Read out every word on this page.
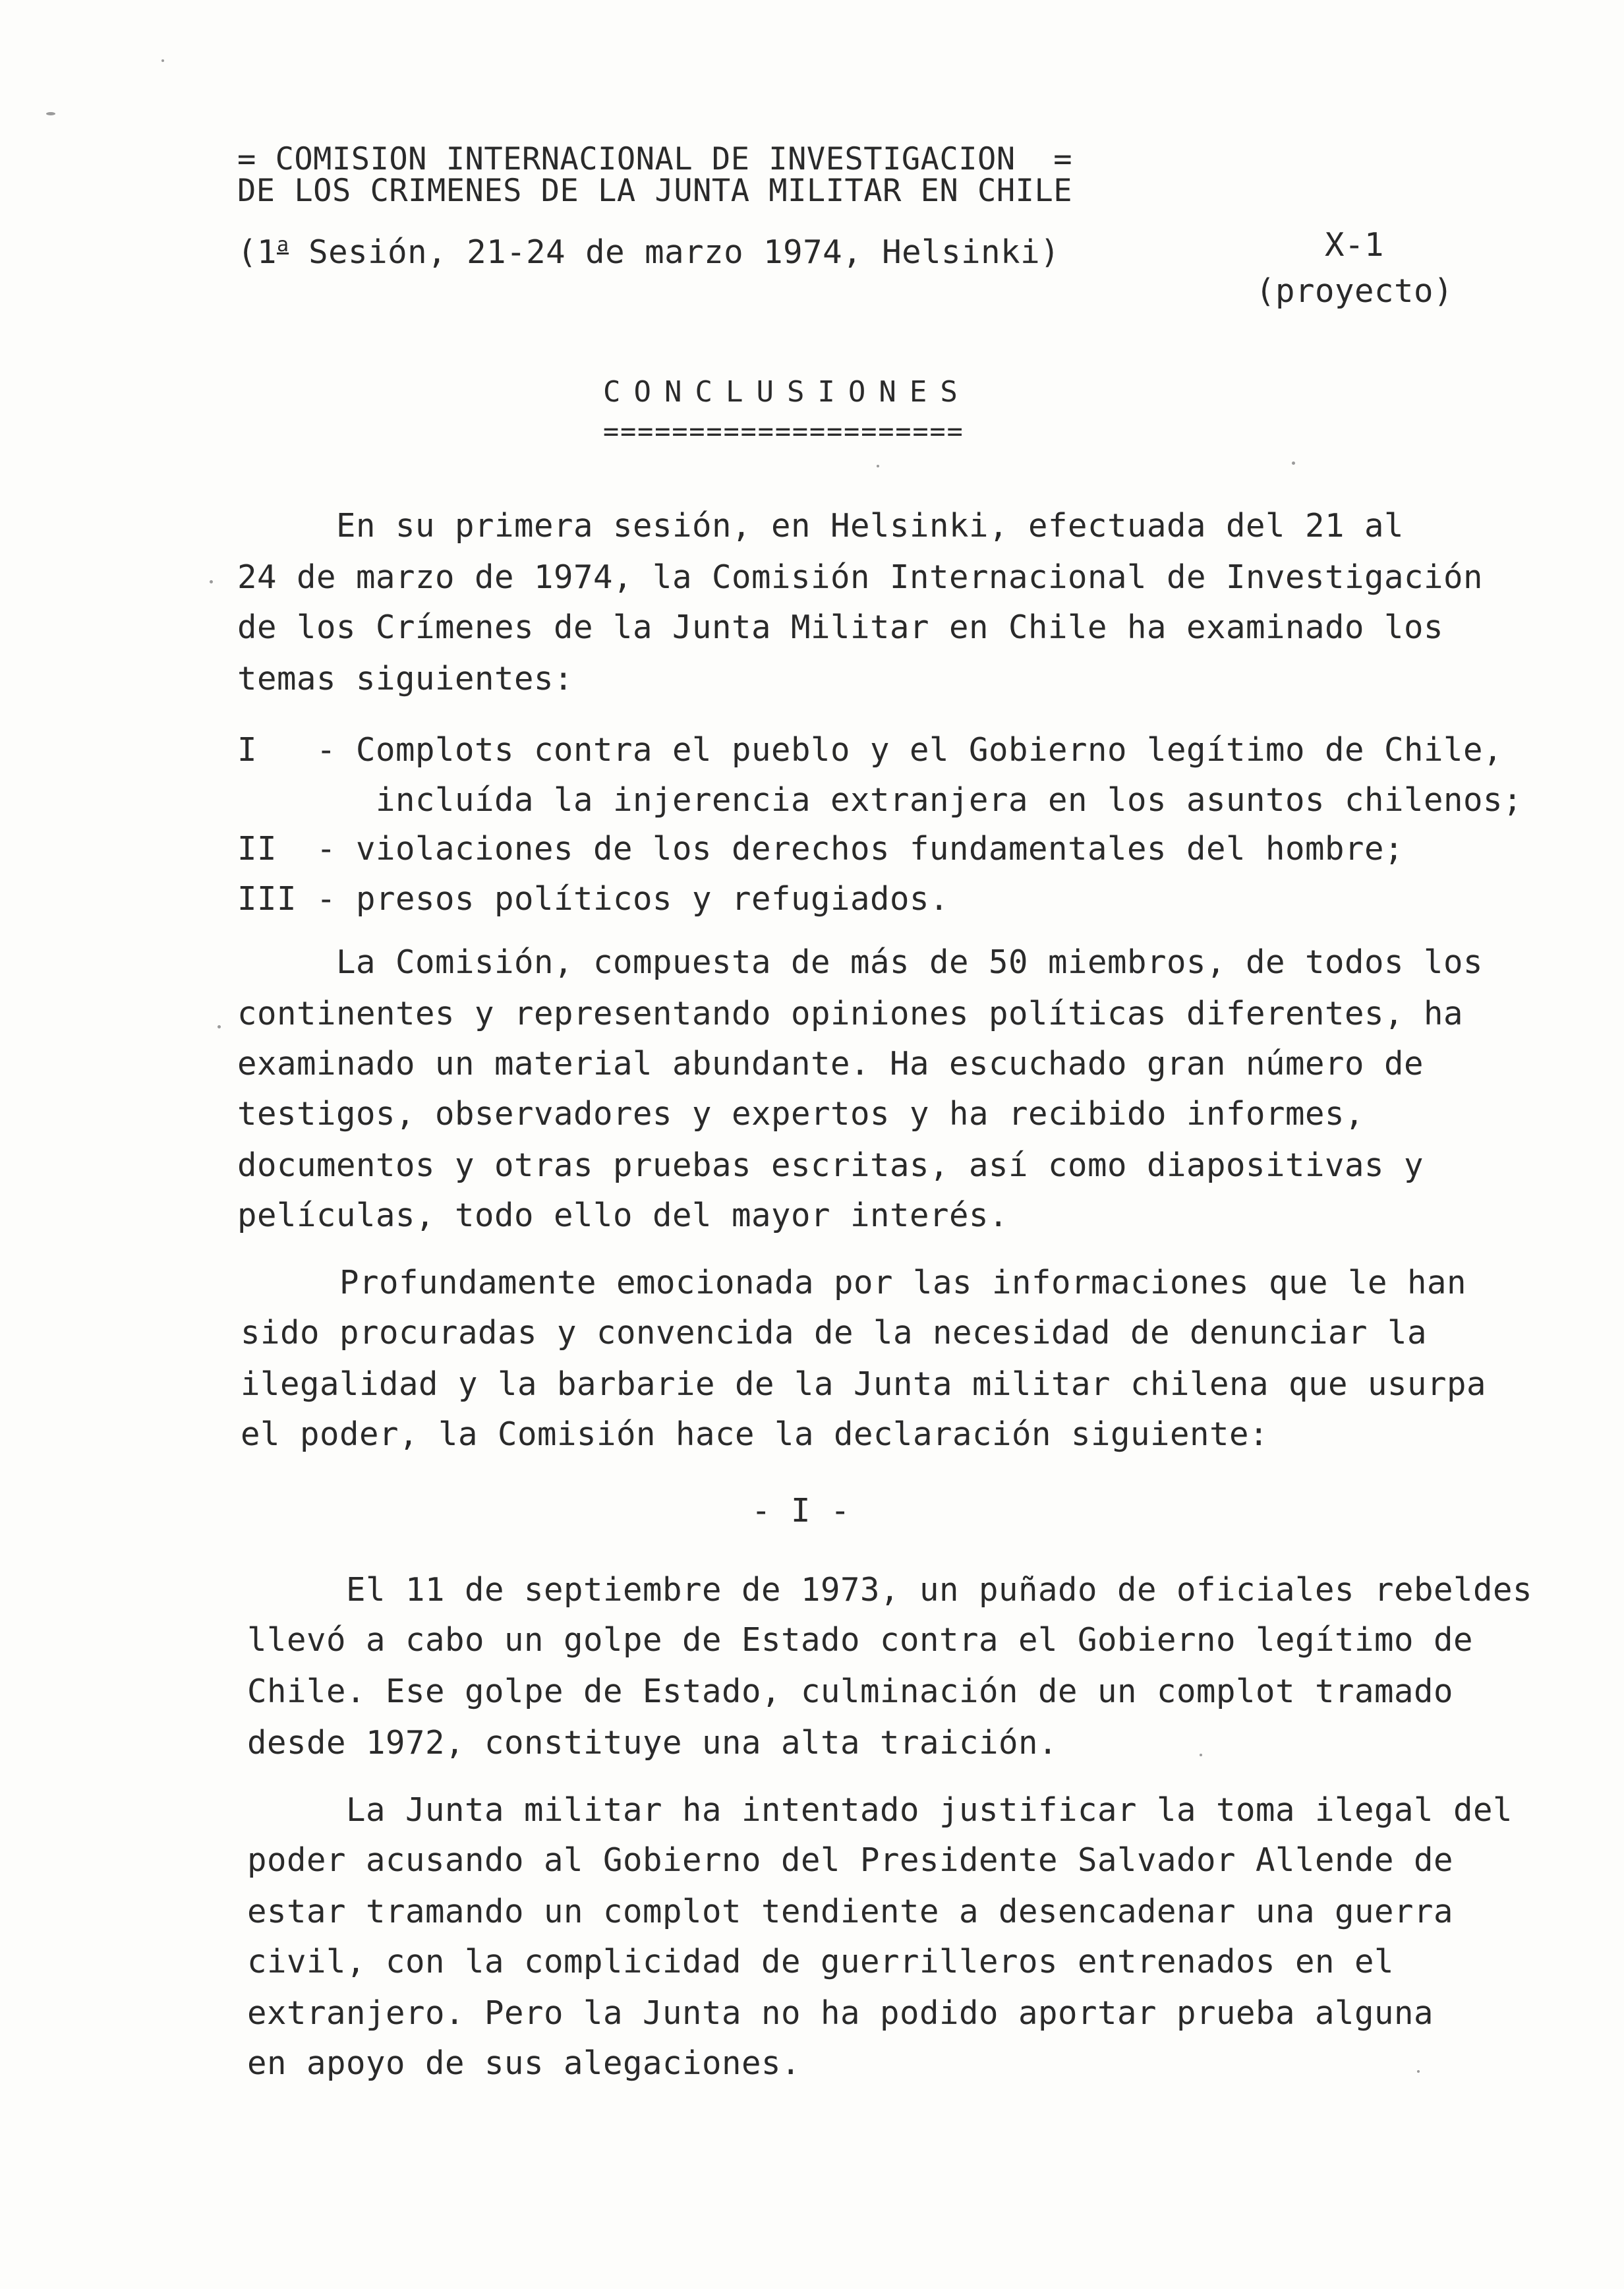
= COMISION INTERNACIONAL DE INVESTIGACION  =
DE LOS CRIMENES DE LA JUNTA MILITAR EN CHILE
(1$^a$ Sesión, 21-24 de marzo 1974, Helsinki)	X-1
(proyecto)
CONCLUSIONES
=====================
En su primera sesión, en Helsinki, efectuada del 21 al
24 de marzo de 1974, la Comisión Internacional de Investigación
de los Crímenes de la Junta Militar en Chile ha examinado los
temas siguientes:
I   - Complots contra el pueblo y el Gobierno legítimo de Chile,
incluída la injerencia extranjera en los asuntos chilenos;
II  - violaciones de los derechos fundamentales del hombre;
III - presos políticos y refugiados.
La Comisión, compuesta de más de 50 miembros, de todos los
continentes y representando opiniones políticas diferentes, ha
examinado un material abundante. Ha escuchado gran número de
testigos, observadores y expertos y ha recibido informes,
documentos y otras pruebas escritas, así como diapositivas y
películas, todo ello del mayor interés.
Profundamente emocionada por las informaciones que le han
sido procuradas y convencida de la necesidad de denunciar la
ilegalidad y la barbarie de la Junta militar chilena que usurpa
el poder, la Comisión hace la declaración siguiente:
- I -
El 11 de septiembre de 1973, un puñado de oficiales rebeldes
llevó a cabo un golpe de Estado contra el Gobierno legítimo de
Chile. Ese golpe de Estado, culminación de un complot tramado
desde 1972, constituye una alta traición.
La Junta militar ha intentado justificar la toma ilegal del
poder acusando al Gobierno del Presidente Salvador Allende de
estar tramando un complot tendiente a desencadenar una guerra
civil, con la complicidad de guerrilleros entrenados en el
extranjero. Pero la Junta no ha podido aportar prueba alguna
en apoyo de sus alegaciones.
